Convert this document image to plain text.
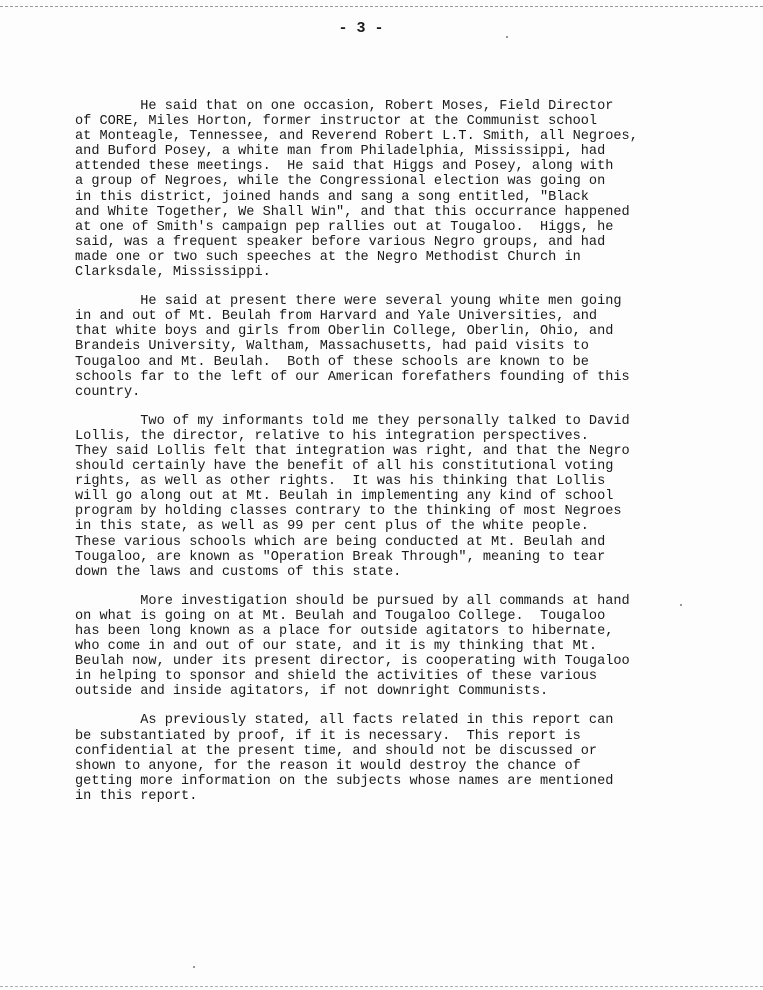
- 3 -
He said that on one occasion, Robert Moses, Field Director
of CORE, Miles Horton, former instructor at the Communist school
at Monteagle, Tennessee, and Reverend Robert L.T. Smith, all Negroes,
and Buford Posey, a white man from Philadelphia, Mississippi, had
attended these meetings.  He said that Higgs and Posey, along with
a group of Negroes, while the Congressional election was going on
in this district, joined hands and sang a song entitled, "Black
and White Together, We Shall Win", and that this occurrance happened
at one of Smith's campaign pep rallies out at Tougaloo.  Higgs, he
said, was a frequent speaker before various Negro groups, and had
made one or two such speeches at the Negro Methodist Church in
Clarksdale, Mississippi.
He said at present there were several young white men going
in and out of Mt. Beulah from Harvard and Yale Universities, and
that white boys and girls from Oberlin College, Oberlin, Ohio, and
Brandeis University, Waltham, Massachusetts, had paid visits to
Tougaloo and Mt. Beulah.  Both of these schools are known to be
schools far to the left of our American forefathers founding of this
country.
Two of my informants told me they personally talked to David
Lollis, the director, relative to his integration perspectives.
They said Lollis felt that integration was right, and that the Negro
should certainly have the benefit of all his constitutional voting
rights, as well as other rights.  It was his thinking that Lollis
will go along out at Mt. Beulah in implementing any kind of school
program by holding classes contrary to the thinking of most Negroes
in this state, as well as 99 per cent plus of the white people.
These various schools which are being conducted at Mt. Beulah and
Tougaloo, are known as "Operation Break Through", meaning to tear
down the laws and customs of this state.
More investigation should be pursued by all commands at hand
on what is going on at Mt. Beulah and Tougaloo College.  Tougaloo
has been long known as a place for outside agitators to hibernate,
who come in and out of our state, and it is my thinking that Mt.
Beulah now, under its present director, is cooperating with Tougaloo
in helping to sponsor and shield the activities of these various
outside and inside agitators, if not downright Communists.
As previously stated, all facts related in this report can
be substantiated by proof, if it is necessary.  This report is
confidential at the present time, and should not be discussed or
shown to anyone, for the reason it would destroy the chance of
getting more information on the subjects whose names are mentioned
in this report.
